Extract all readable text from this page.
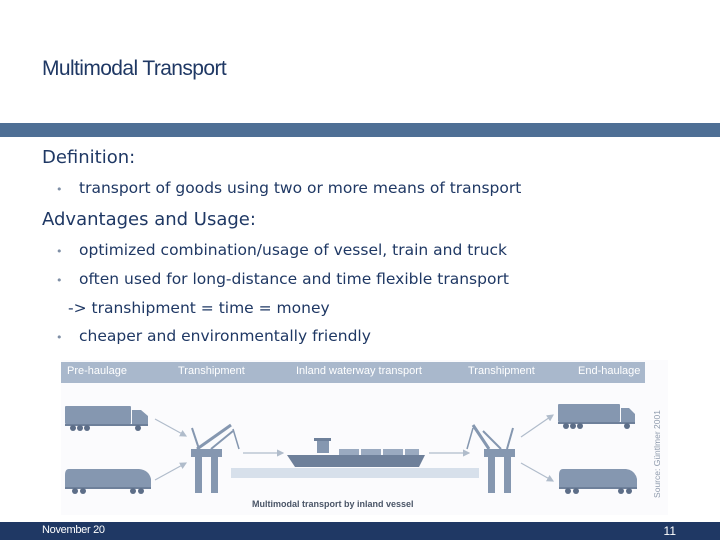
Multimodal Transport
Definition:
• transport of goods using two or more means of transport
Advantages and Usage:
• optimized combination/usage of vessel, train and truck
• often used for long-distance and time flexible transport
-> transhipment = time = money
• cheaper and environmentally friendly
Pre-haulage	Transhipment	Inland waterway transport	Transhipment	End-haulage
Multimodal transport by inland vessel
Source: Güntlmer 2001
November 20	11
